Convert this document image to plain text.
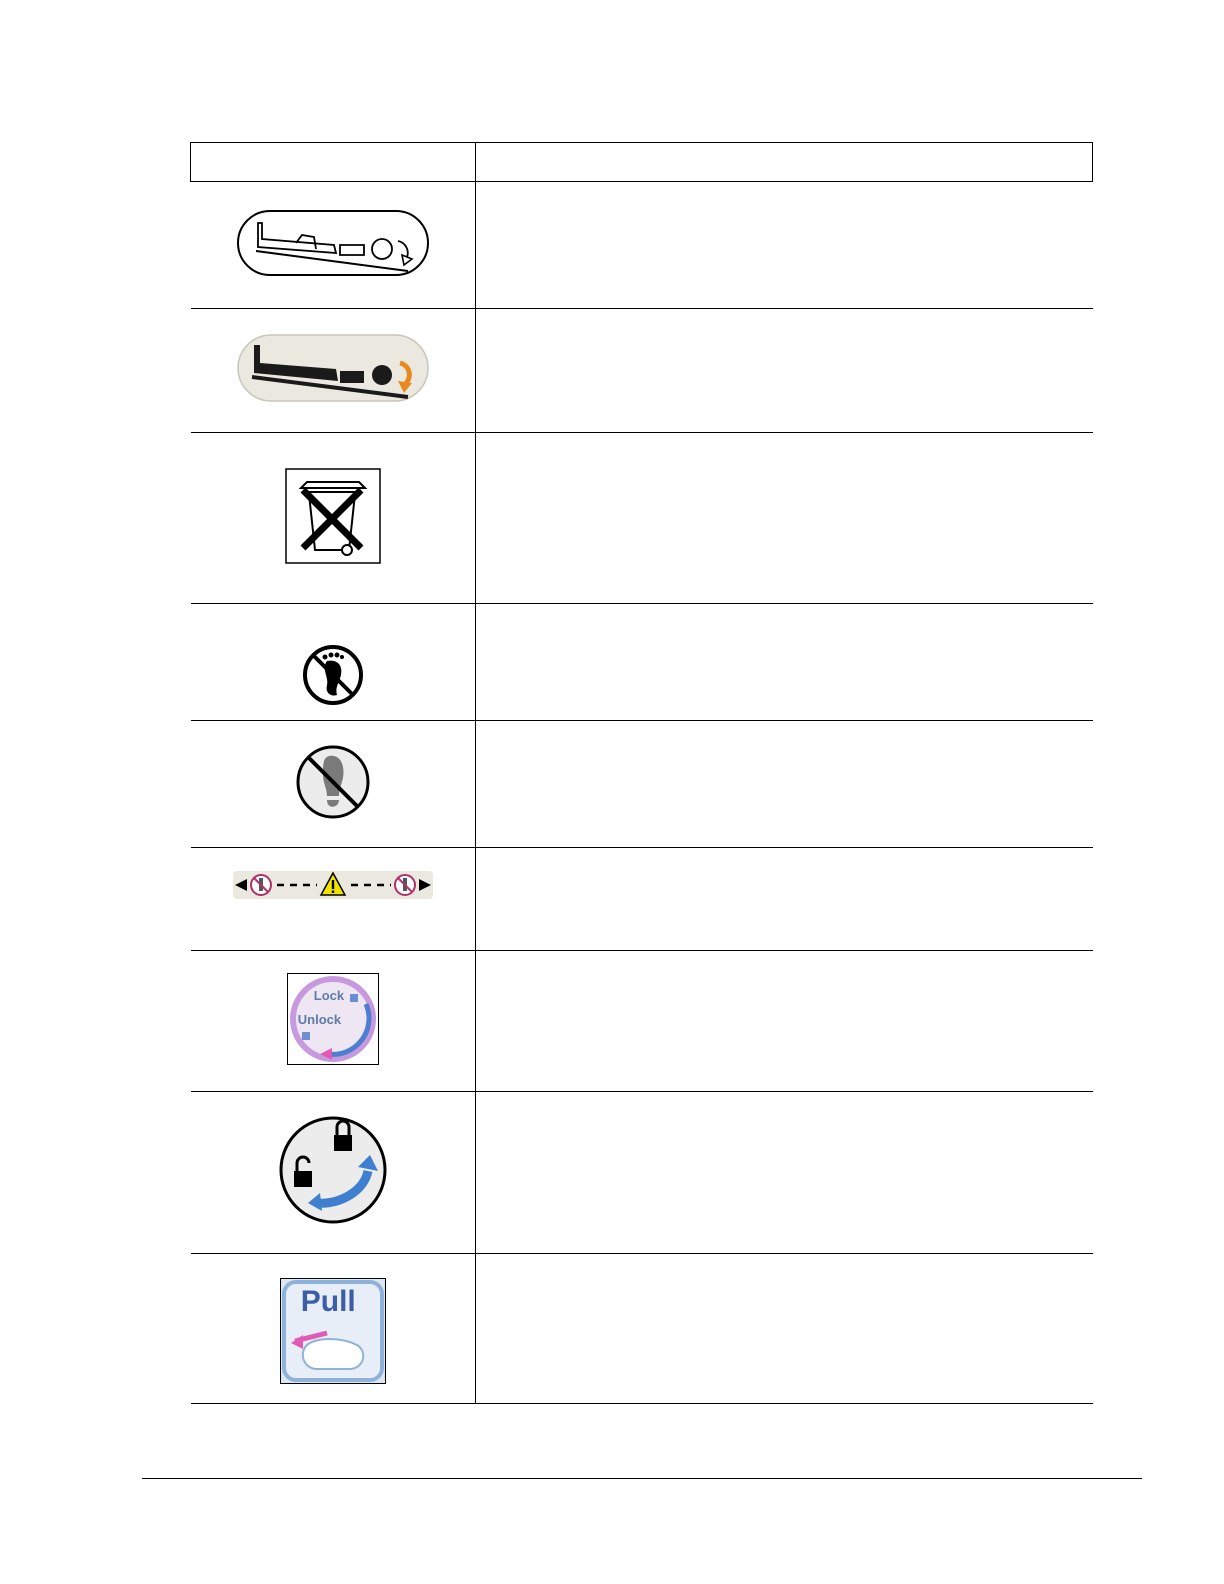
Lock
Unlock	

Pull	
